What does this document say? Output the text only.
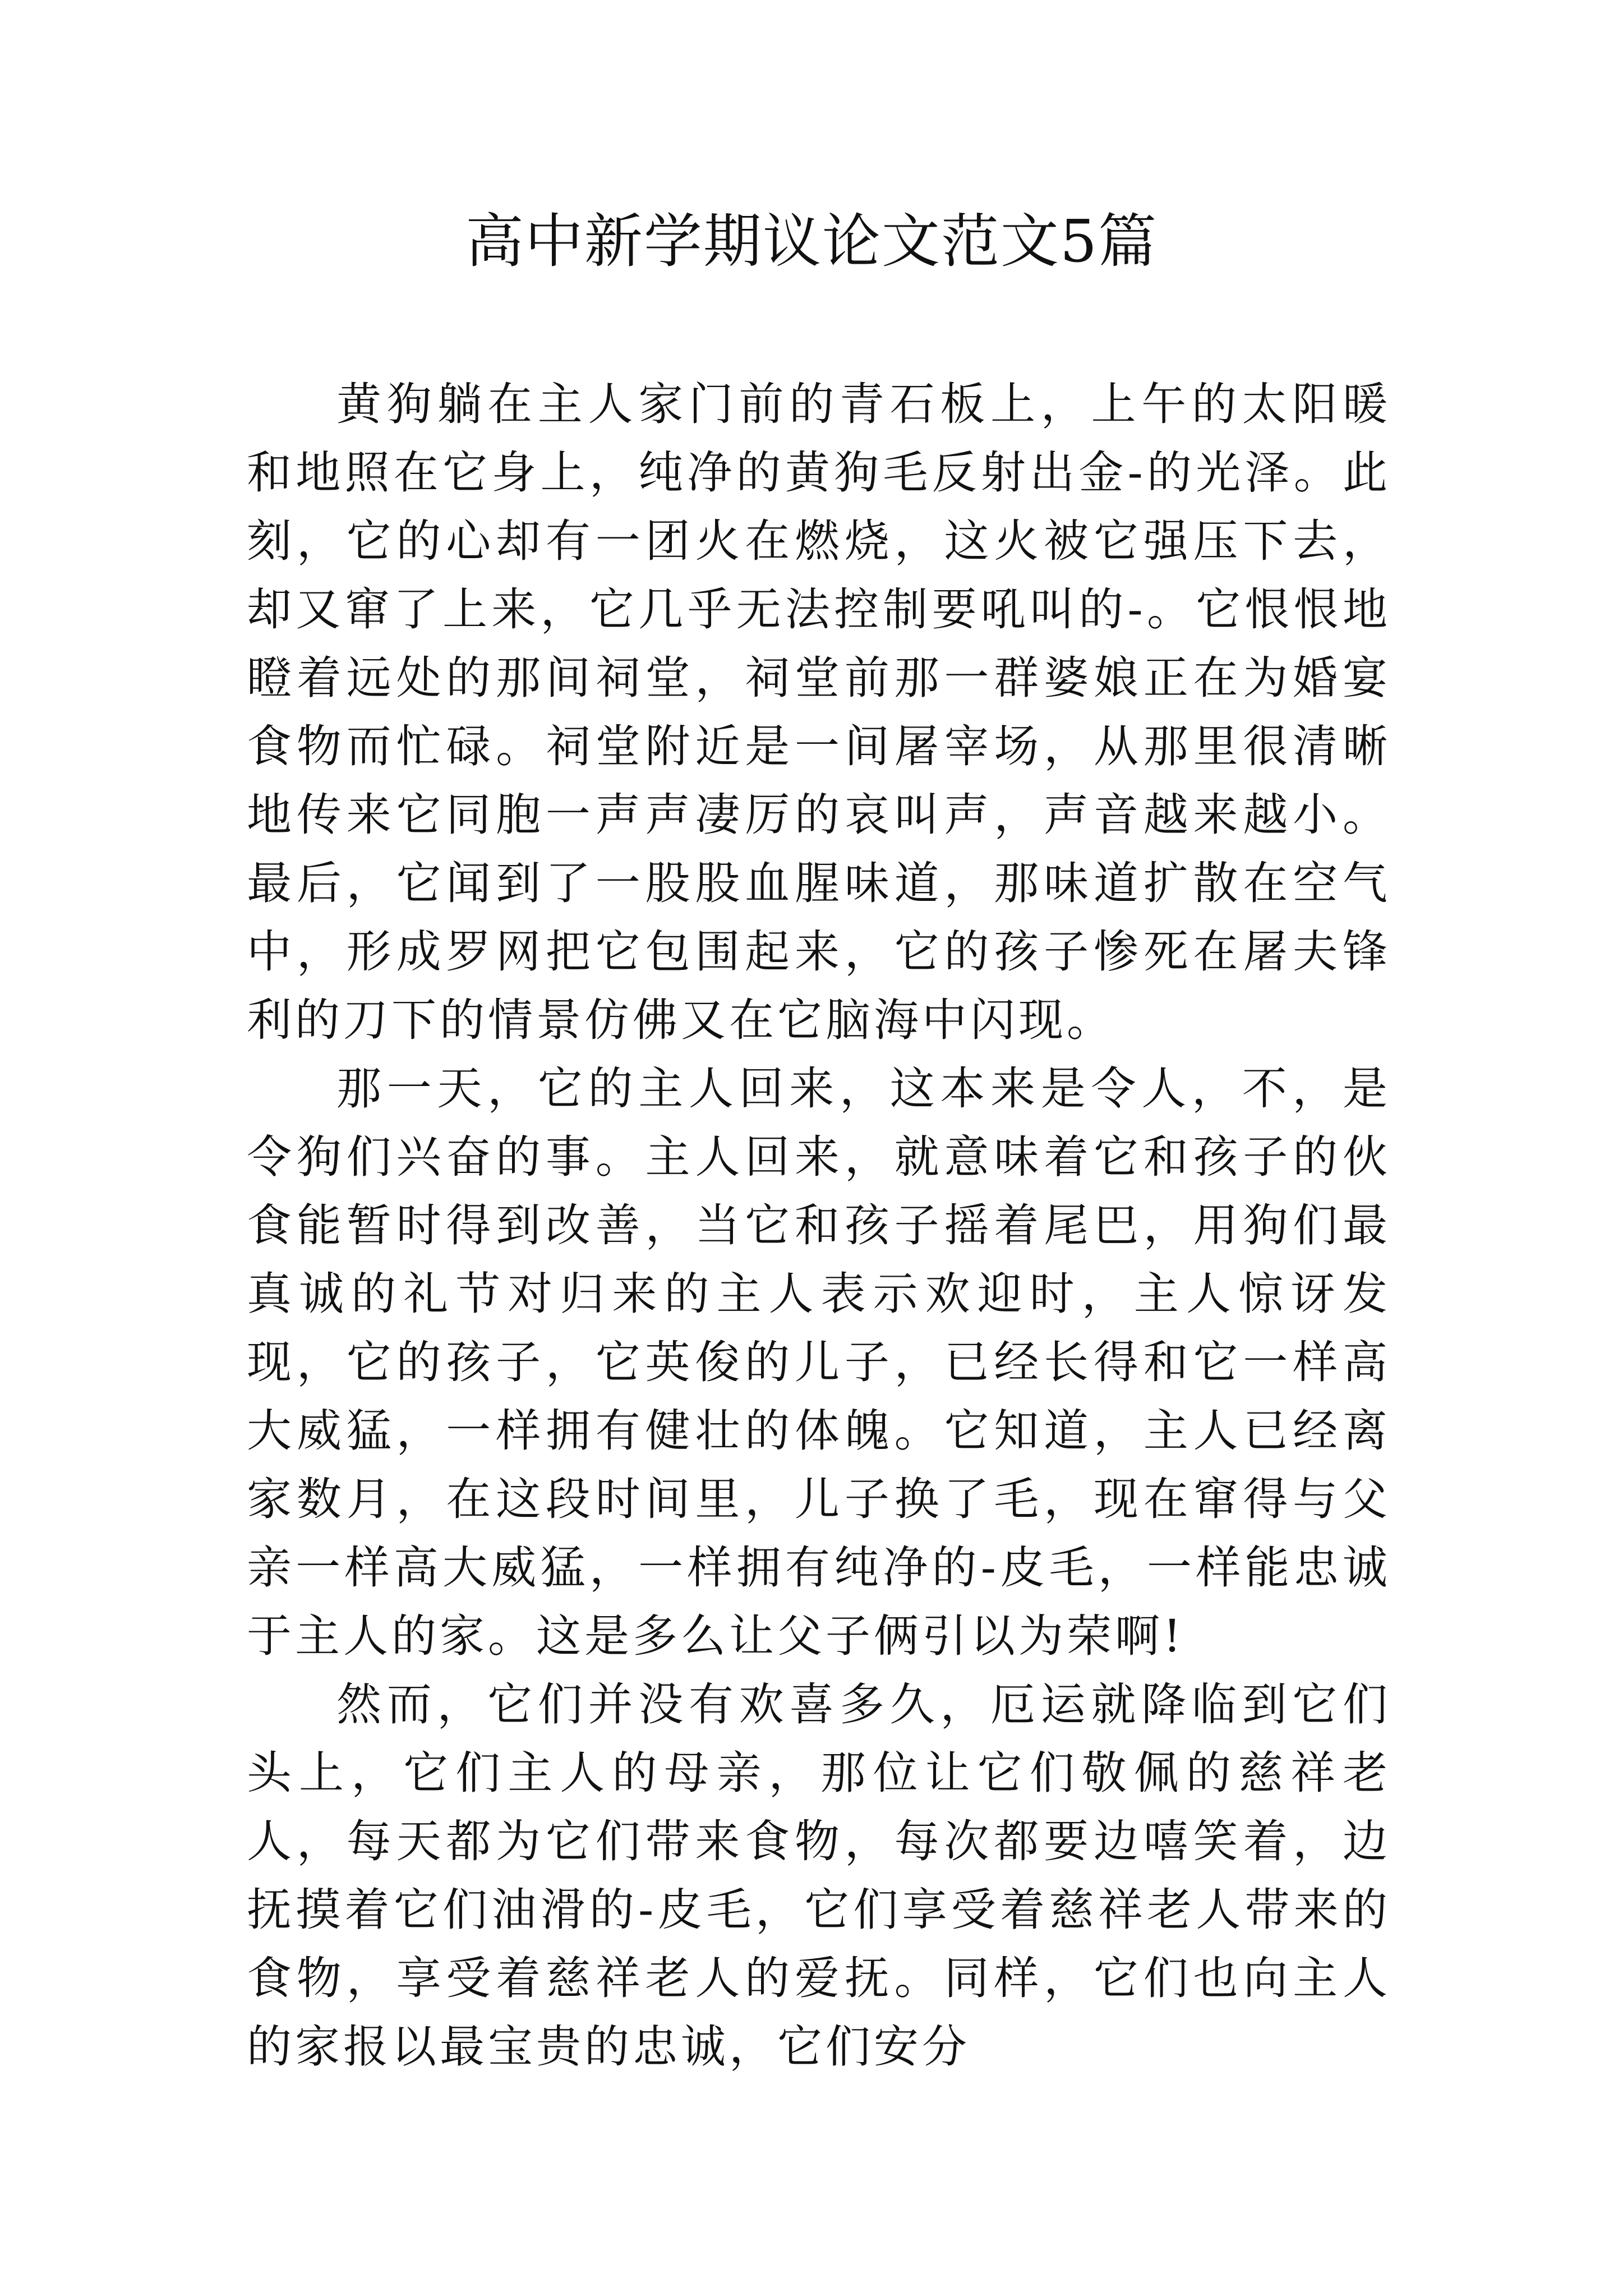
高中新学期议论文范文5篇

黄狗躺在主人家门前的青石板上，上午的太阳暖和地照在它身上，纯净的黄狗毛反射出金-的光泽。此刻，它的心却有一团火在燃烧，这火被它强压下去，却又窜了上来，它几乎无法控制要吼叫的-。它恨恨地瞪着远处的那间祠堂，祠堂前那一群婆娘正在为婚宴食物而忙碌。祠堂附近是一间屠宰场，从那里很清晰地传来它同胞一声声凄厉的哀叫声，声音越来越小。最后，它闻到了一股股血腥味道，那味道扩散在空气中，形成罗网把它包围起来，它的孩子惨死在屠夫锋利的刀下的情景仿佛又在它脑海中闪现。

那一天，它的主人回来，这本来是令人，不，是令狗们兴奋的事。主人回来，就意味着它和孩子的伙食能暂时得到改善，当它和孩子摇着尾巴，用狗们最真诚的礼节对归来的主人表示欢迎时，主人惊讶发现，它的孩子，它英俊的儿子，已经长得和它一样高大威猛，一样拥有健壮的体魄。它知道，主人已经离家数月，在这段时间里，儿子换了毛，现在窜得与父亲一样高大威猛，一样拥有纯净的-皮毛，一样能忠诚于主人的家。这是多么让父子俩引以为荣啊!

然而，它们并没有欢喜多久，厄运就降临到它们头上，它们主人的母亲，那位让它们敬佩的慈祥老人，每天都为它们带来食物，每次都要边嘻笑着，边抚摸着它们油滑的-皮毛，它们享受着慈祥老人带来的食物，享受着慈祥老人的爱抚。同样，它们也向主人的家报以最宝贵的忠诚，它们安分
